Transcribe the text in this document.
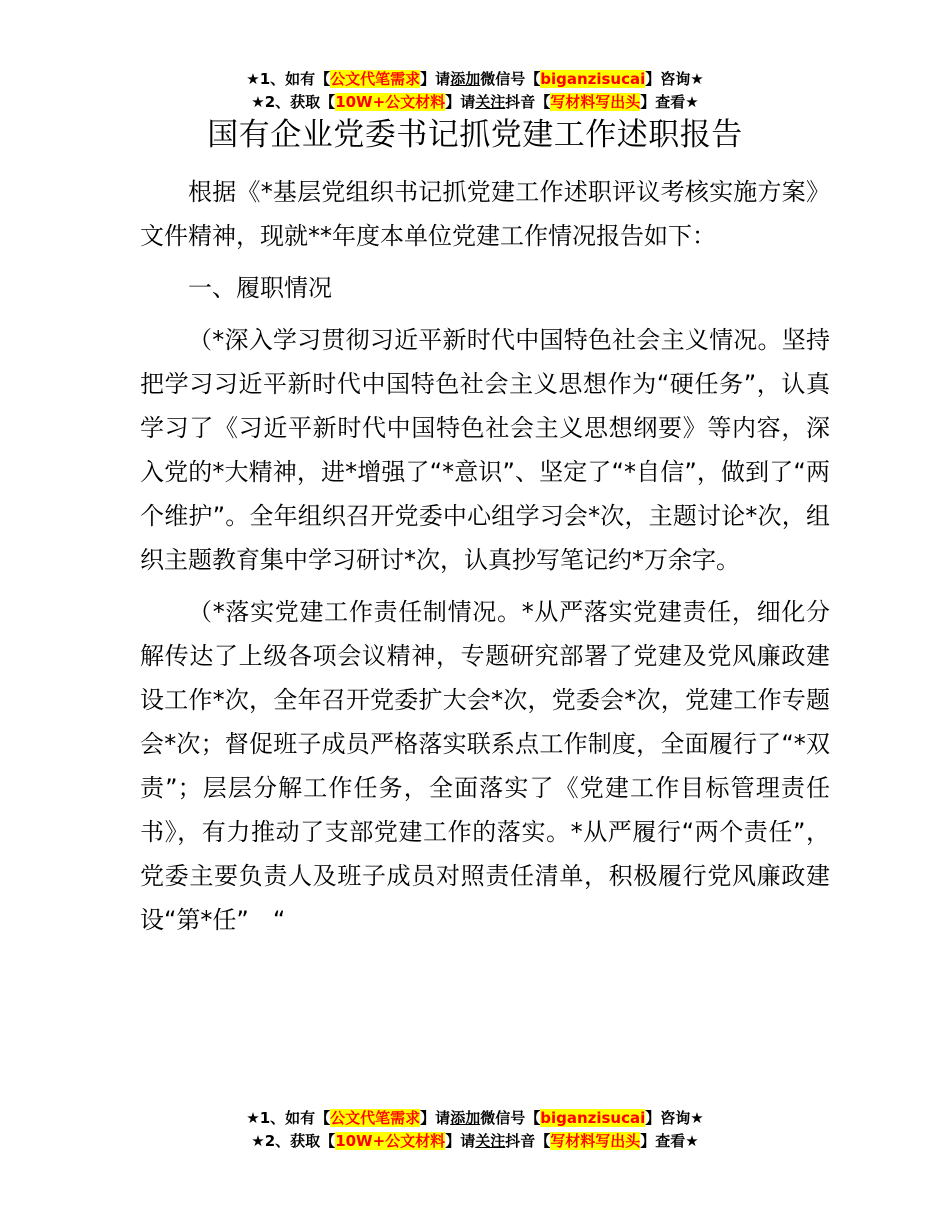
★1、如有【公文代笔需求】请添加微信号【biganzisucai】咨询★
★2、获取【10W+公文材料】请关注抖音【写材料写出头】查看★
国有企业党委书记抓党建工作述职报告

根据《*基层党组织书记抓党建工作述职评议考核实施方案》文件精神，现就**年度本单位党建工作情况报告如下：

一、履职情况

（*深入学习贯彻习近平新时代中国特色社会主义情况。坚持把学习习近平新时代中国特色社会主义思想作为“硬任务”，认真学习了《习近平新时代中国特色社会主义思想纲要》等内容，深入党的*大精神，进*增强了“*意识”、坚定了“*自信”，做到了“两个维护”。全年组织召开党委中心组学习会*次，主题讨论*次，组织主题教育集中学习研讨*次，认真抄写笔记约*万余字。

（*落实党建工作责任制情况。*从严落实党建责任，细化分解传达了上级各项会议精神，专题研究部署了党建及党风廉政建设工作*次，全年召开党委扩大会*次，党委会*次，党建工作专题会*次；督促班子成员严格落实联系点工作制度，全面履行了“*双责”；层层分解工作任务，全面落实了《党建工作目标管理责任书》，有力推动了支部党建工作的落实。*从严履行“两个责任”，党委主要负责人及班子成员对照责任清单，积极履行党风廉政建设“第*任”　“

★1、如有【公文代笔需求】请添加微信号【biganzisucai】咨询★
★2、获取【10W+公文材料】请关注抖音【写材料写出头】查看★
